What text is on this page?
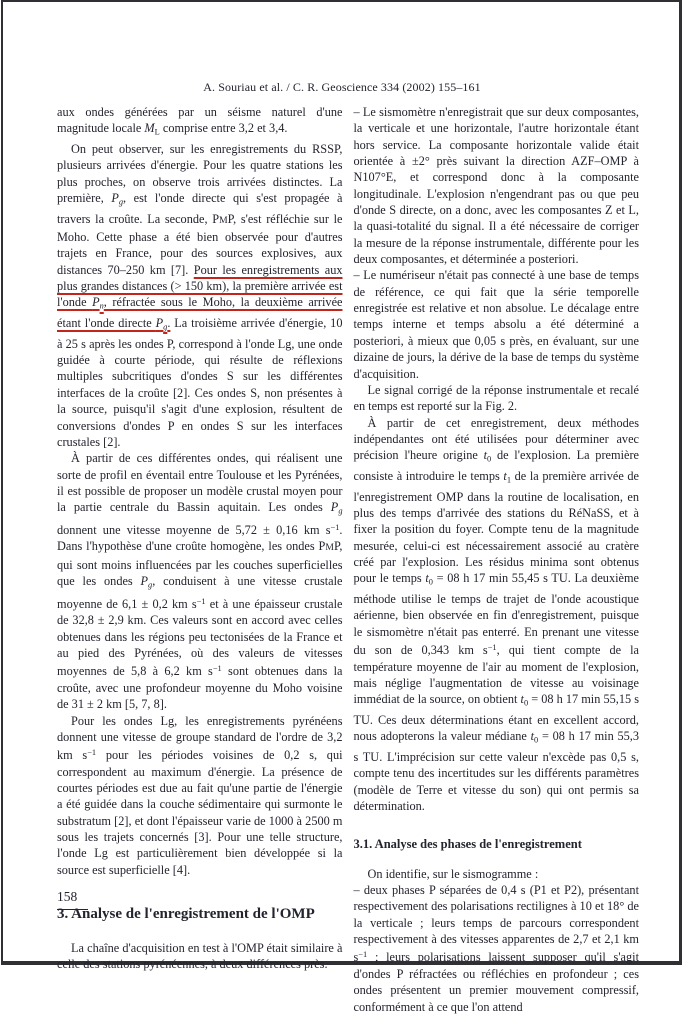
A. Souriau et al. / C. R. Geoscience 334 (2002) 155–161

aux ondes générées par un séisme naturel d'une magnitude locale $M_L$ comprise entre 3,2 et 3,4.

On peut observer, sur les enregistrements du RSSP, plusieurs arrivées d'énergie. Pour les quatre stations les plus proches, on observe trois arrivées distinctes. La première, $P_g$, est l'onde directe qui s'est propagée à travers la croûte. La seconde, PMP, s'est réfléchie sur le Moho. Cette phase a été bien observée pour d'autres trajets en France, pour des sources explosives, aux distances 70–250 km [7]. Pour les enregistrements aux plus grandes distances (> 150 km), la première arrivée est l'onde $P_n$, réfractée sous le Moho, la deuxième arrivée étant l'onde directe $P_g$. La troisième arrivée d'énergie, 10 à 25 s après les ondes P, correspond à l'onde Lg, une onde guidée à courte période, qui résulte de réflexions multiples subcritiques d'ondes S sur les différentes interfaces de la croûte [2]. Ces ondes S, non présentes à la source, puisqu'il s'agit d'une explosion, résultent de conversions d'ondes P en ondes S sur les interfaces crustales [2].

À partir de ces différentes ondes, qui réalisent une sorte de profil en éventail entre Toulouse et les Pyrénées, il est possible de proposer un modèle crustal moyen pour la partie centrale du Bassin aquitain. Les ondes $P_g$ donnent une vitesse moyenne de 5,72 ± 0,16 km $s^{-1}$. Dans l'hypothèse d'une croûte homogène, les ondes PMP, qui sont moins influencées par les couches superficielles que les ondes $P_g$, conduisent à une vitesse crustale moyenne de 6,1 ± 0,2 km $s^{-1}$ et à une épaisseur crustale de 32,8 ± 2,9 km. Ces valeurs sont en accord avec celles obtenues dans les régions peu tectonisées de la France et au pied des Pyrénées, où des valeurs de vitesses moyennes de 5,8 à 6,2 km $s^{-1}$ sont obtenues dans la croûte, avec une profondeur moyenne du Moho voisine de 31 ± 2 km [5, 7, 8].

Pour les ondes Lg, les enregistrements pyrénéens donnent une vitesse de groupe standard de l'ordre de 3,2 km $s^{-1}$ pour les périodes voisines de 0,2 s, qui correspondent au maximum d'énergie. La présence de courtes périodes est due au fait qu'une partie de l'énergie a été guidée dans la couche sédimentaire qui surmonte le substratum [2], et dont l'épaisseur varie de 1000 à 2500 m sous les trajets concernés [3]. Pour une telle structure, l'onde Lg est particulièrement bien développée si la source est superficielle [4].

3. Analyse de l'enregistrement de l'OMP

La chaîne d'acquisition en test à l'OMP était similaire à celle des stations pyrénéennes, à deux différences près.

– Le sismomètre n'enregistrait que sur deux composantes, la verticale et une horizontale, l'autre horizontale étant hors service. La composante horizontale valide était orientée à ±2° près suivant la direction AZF–OMP à N107°E, et correspond donc à la composante longitudinale. L'explosion n'engendrant pas ou que peu d'onde S directe, on a donc, avec les composantes Z et L, la quasi-totalité du signal. Il a été nécessaire de corriger la mesure de la réponse instrumentale, différente pour les deux composantes, et déterminée a posteriori.

– Le numériseur n'était pas connecté à une base de temps de référence, ce qui fait que la série temporelle enregistrée est relative et non absolue. Le décalage entre temps interne et temps absolu a été déterminé a posteriori, à mieux que 0,05 s près, en évaluant, sur une dizaine de jours, la dérive de la base de temps du système d'acquisition.

Le signal corrigé de la réponse instrumentale et recalé en temps est reporté sur la Fig. 2.

À partir de cet enregistrement, deux méthodes indépendantes ont été utilisées pour déterminer avec précision l'heure origine $t_0$ de l'explosion. La première consiste à introduire le temps $t_1$ de la première arrivée de l'enregistrement OMP dans la routine de localisation, en plus des temps d'arrivée des stations du RéNaSS, et à fixer la position du foyer. Compte tenu de la magnitude mesurée, celui-ci est nécessairement associé au cratère créé par l'explosion. Les résidus minima sont obtenus pour le temps $t_0 = 08$ h 17 min 55,45 s TU. La deuxième méthode utilise le temps de trajet de l'onde acoustique aérienne, bien observée en fin d'enregistrement, puisque le sismomètre n'était pas enterré. En prenant une vitesse du son de 0,343 km $s^{-1}$, qui tient compte de la température moyenne de l'air au moment de l'explosion, mais néglige l'augmentation de vitesse au voisinage immédiat de la source, on obtient $t_0 = 08$ h 17 min 55,15 s TU. Ces deux déterminations étant en excellent accord, nous adopterons la valeur médiane $t_0 = 08$ h 17 min 55,3 s TU. L'imprécision sur cette valeur n'excède pas 0,5 s, compte tenu des incertitudes sur les différents paramètres (modèle de Terre et vitesse du son) qui ont permis sa détermination.

3.1. Analyse des phases de l'enregistrement

On identifie, sur le sismogramme :

– deux phases P séparées de 0,4 s (P1 et P2), présentant respectivement des polarisations rectilignes à 10 et 18° de la verticale ; leurs temps de parcours correspondent respectivement à des vitesses apparentes de 2,7 et 2,1 km $s^{-1}$ ; leurs polarisations laissent supposer qu'il s'agit d'ondes P réfractées ou réfléchies en profondeur ; ces ondes présentent un premier mouvement compressif, conformément à ce que l'on attend

158
